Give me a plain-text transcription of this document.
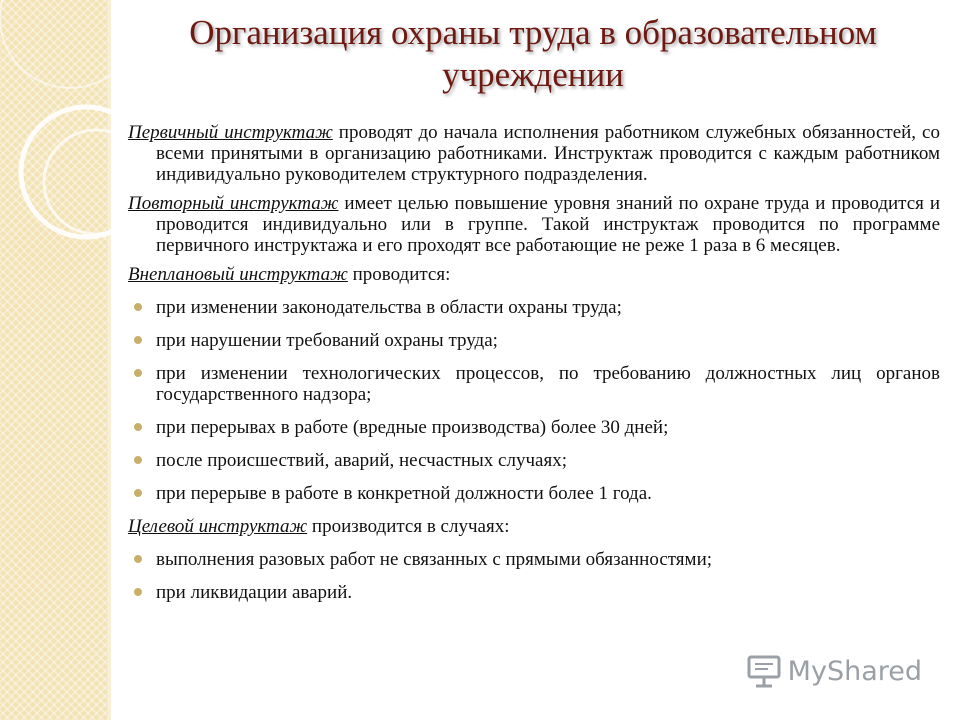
Организация охраны труда в образовательном учреждении

Первичный инструктаж проводят до начала исполнения работником служебных обязанностей, со всеми принятыми в организацию работниками. Инструктаж проводится с каждым работником индивидуально руководителем структурного подразделения.

Повторный инструктаж имеет целью повышение уровня знаний по охране труда и проводится и проводится индивидуально или в группе. Такой инструктаж проводится по программе первичного инструктажа и его проходят все работающие не реже 1 раза в 6 месяцев.

Внеплановый инструктаж проводится:

при изменении законодательства в области охраны труда;
при нарушении требований охраны труда;
при изменении технологических процессов, по требованию должностных лиц органов государственного надзора;
при перерывах в работе (вредные производства) более 30 дней;
после происшествий, аварий, несчастных случаях;
при перерыве в работе в конкретной должности более 1 года.

Целевой инструктаж производится в случаях:

выполнения разовых работ не связанных с прямыми обязанностями;
при ликвидации аварий.
MyShared
